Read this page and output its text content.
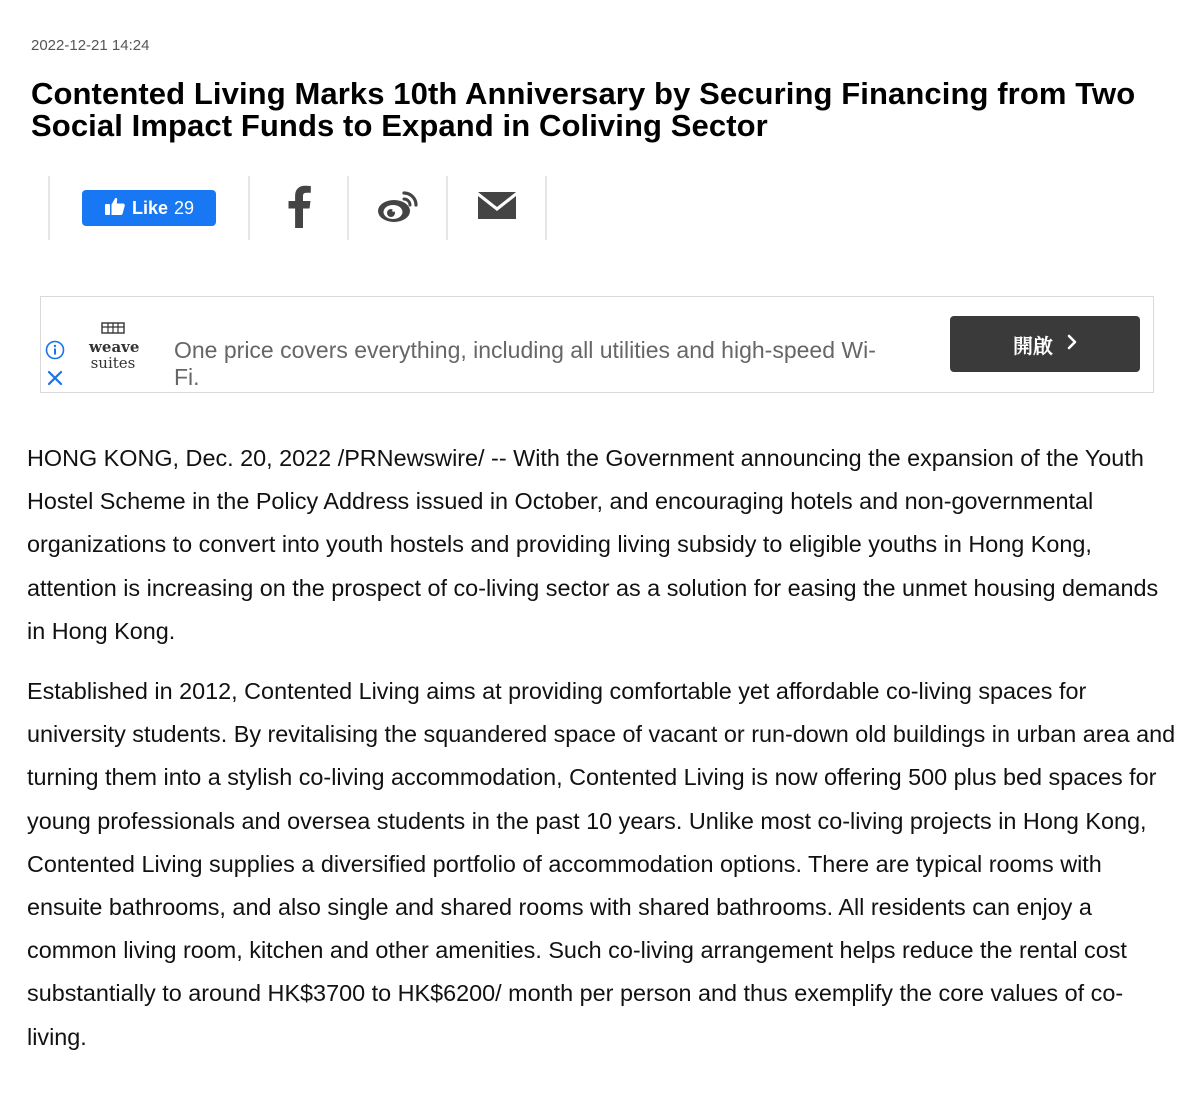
2022-12-21 14:24
Contented Living Marks 10th Anniversary by Securing Financing from Two Social Impact Funds to Expand in Coliving Sector
Like 29
weave
suites One price covers everything, including all utilities and high-speed Wi-Fi.
開啟

HONG KONG, Dec. 20, 2022 /PRNewswire/ -- With the Government announcing the expansion of the Youth Hostel Scheme in the Policy Address issued in October, and encouraging hotels and non-governmental organizations to convert into youth hostels and providing living subsidy to eligible youths in Hong Kong, attention is increasing on the prospect of co-living sector as a solution for easing the unmet housing demands in Hong Kong.

Established in 2012, Contented Living aims at providing comfortable yet affordable co-living spaces for university students. By revitalising the squandered space of vacant or run-down old buildings in urban area and turning them into a stylish co-living accommodation, Contented Living is now offering 500 plus bed spaces for young professionals and oversea students in the past 10 years. Unlike most co-living projects in Hong Kong, Contented Living supplies a diversified portfolio of accommodation options. There are typical rooms with ensuite bathrooms, and also single and shared rooms with shared bathrooms. All residents can enjoy a common living room, kitchen and other amenities. Such co-living arrangement helps reduce the rental cost substantially to around HK$3700 to HK$6200/ month per person and thus exemplify the core values of co-living.
